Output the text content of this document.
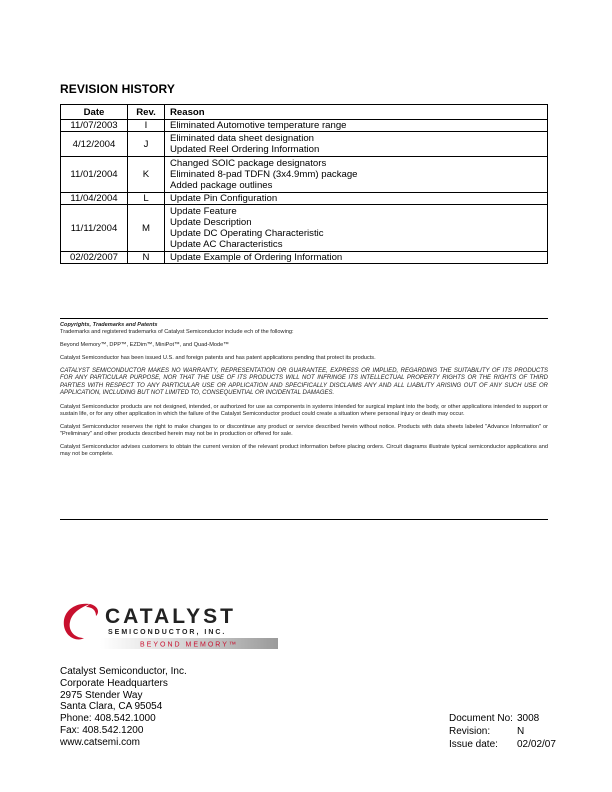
REVISION HISTORY
Date	Rev.	Reason
11/07/2003	I	Eliminated Automotive temperature range

4/12/2004	J	Eliminated data sheet designation
Updated Reel Ordering Information

11/01/2004	K	Changed SOIC package designators
Eliminated 8-pad TDFN (3x4.9mm) package
Added package outlines

11/04/2004	L	Update Pin Configuration

11/11/2004	M	Update Feature
Update Description
Update DC Operating Characteristic
Update AC Characteristics

02/02/2007	N	Update Example of Ordering Information

Copyrights, Trademarks and Patents

Trademarks and registered trademarks of Catalyst Semiconductor include ech of the following:

Beyond Memory™, DPP™, EZDim™, MiniPot™, and Quad-Mode™

Catalyst Semiconductor has been issued U.S. and foreign patents and has patent applications pending that protect its products.

CATALYST SEMICONDUCTOR MAKES NO WARRANTY, REPRESENTATION OR GUARANTEE, EXPRESS OR IMPLIED, REGARDING THE SUITABILITY OF ITS PRODUCTS FOR ANY PARTICULAR PURPOSE, NOR THAT THE USE OF ITS PRODUCTS WILL NOT INFRINGE ITS INTELLECTUAL PROPERTY RIGHTS OR THE RIGHTS OF THIRD PARTIES WITH RESPECT TO ANY PARTICULAR USE OR APPLICATION AND SPECIFICALLY DISCLAIMS ANY AND ALL LIABILITY ARISING OUT OF ANY SUCH USE OR APPLICATION, INCLUDING BUT NOT LIMITED TO, CONSEQUENTIAL OR INCIDENTAL DAMAGES.

Catalyst Semiconductor products are not designed, intended, or authorized for use as components in systems intended for surgical implant into the body, or other applications intended to support or sustain life, or for any other application in which the failure of the Catalyst Semiconductor product could create a situation where personal injury or death may occur.

Catalyst Semiconductor reserves the right to make changes to or discontinue any product or service described herein without notice. Products with data sheets labeled "Advance Information" or "Preliminary" and other products described herein may not be in production or offered for sale.

Catalyst Semiconductor advises customers to obtain the current version of the relevant product information before placing orders. Circuit diagrams illustrate typical semiconductor applications and may not be complete.

CATALYST
SEMICONDUCTOR, INC.
BEYOND MEMORY™
Catalyst Semiconductor, Inc.
Corporate Headquarters
2975 Stender Way
Santa Clara, CA 95054
Phone: 408.542.1000
Fax: 408.542.1200
www.catsemi.com
Document No: 3008
Revision:	N
Issue date:	02/02/07
